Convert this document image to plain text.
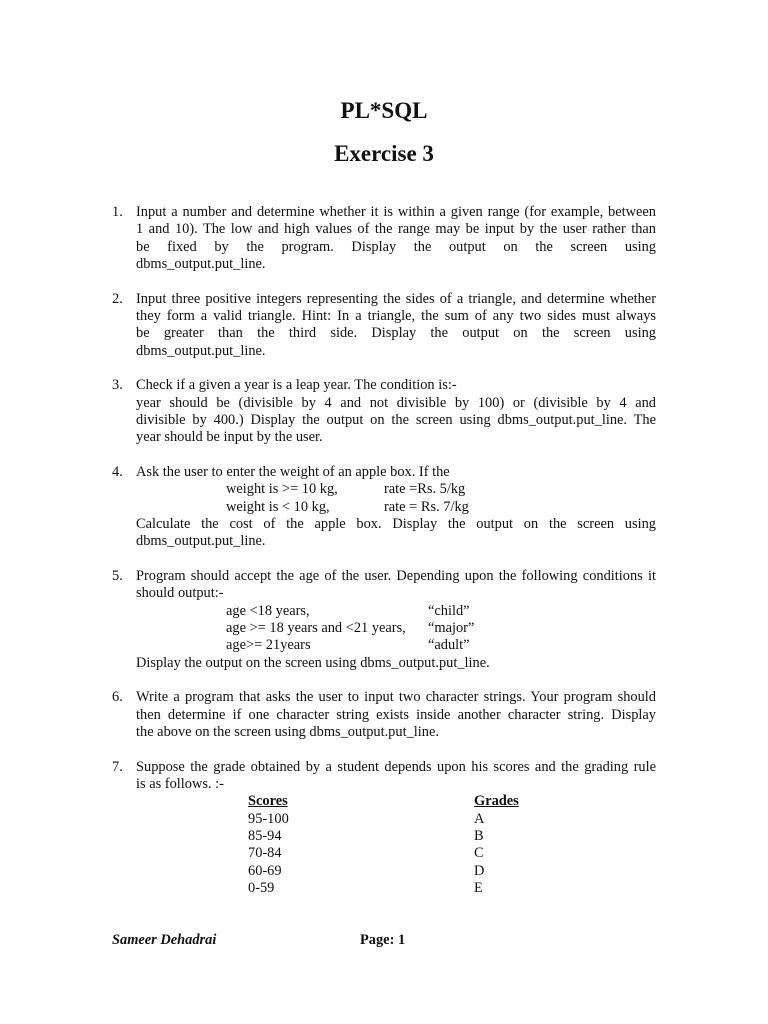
PL*SQL
Exercise 3
1. Input a number and determine whether it is within a given range (for example, between
1 and 10). The low and high values of the range may be input by the user rather than
be fixed by the program. Display the output on the screen using
dbms_output.put_line.
2. Input three positive integers representing the sides of a triangle, and determine whether
they form a valid triangle. Hint: In a triangle, the sum of any two sides must always
be greater than the third side. Display the output on the screen using
dbms_output.put_line.
3. Check if a given a year is a leap year. The condition is:-
year should be (divisible by 4 and not divisible by 100) or (divisible by 4 and
divisible by 400.) Display the output on the screen using dbms_output.put_line. The
year should be input by the user.
4. Ask the user to enter the weight of an apple box. If the
weight is >= 10 kg,	rate =Rs. 5/kg
weight is < 10 kg,	rate = Rs. 7/kg
Calculate the cost of the apple box. Display the output on the screen using
dbms_output.put_line.
5. Program should accept the age of the user. Depending upon the following conditions it
should output:-
age <18 years,	“child”
age >= 18 years and <21 years, “major”
age>= 21years	“adult”
Display the output on the screen using dbms_output.put_line.
6. Write a program that asks the user to input two character strings. Your program should
then determine if one character string exists inside another character string. Display
the above on the screen using dbms_output.put_line.
7. Suppose the grade obtained by a student depends upon his scores and the grading rule
is as follows. :-
Scores	Grades
95-100	A
85-94	B
70-84	C
60-69	D
0-59	E
Sameer Dehadrai	Page: 1
